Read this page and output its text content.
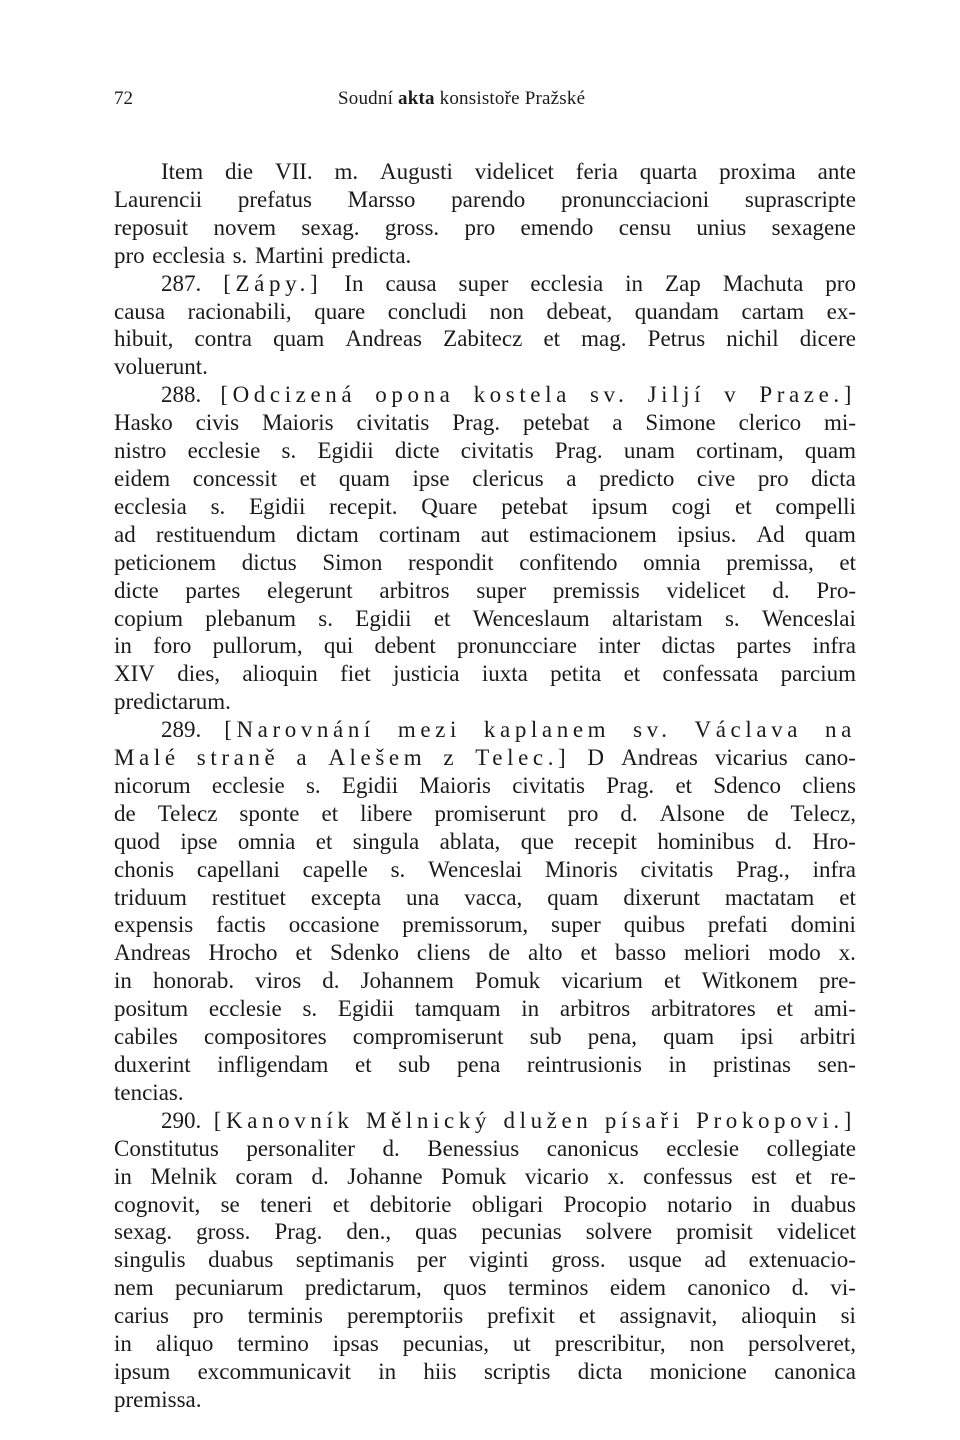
72	Soudní akta konsistoře Pražské
Item die VII. m. Augusti videlicet feria quarta proxima ante
Laurencii prefatus Marsso parendo pronuncciacioni suprascripte
reposuit novem sexag. gross. pro emendo censu unius sexagene
pro ecclesia s. Martini predicta.
287. [Zápy.] In causa super ecclesia in Zap Machuta pro
causa racionabili, quare concludi non debeat, quandam cartam ex-
hibuit, contra quam Andreas Zabitecz et mag. Petrus nichil dicere
voluerunt.
288. [Odcizená opona kostela sv. Jiljí v Praze.]
Hasko civis Maioris civitatis Prag. petebat a Simone clerico mi-
nistro ecclesie s. Egidii dicte civitatis Prag. unam cortinam, quam
eidem concessit et quam ipse clericus a predicto cive pro dicta
ecclesia s. Egidii recepit. Quare petebat ipsum cogi et compelli
ad restituendum dictam cortinam aut estimacionem ipsius. Ad quam
peticionem dictus Simon respondit confitendo omnia premissa, et
dicte partes elegerunt arbitros super premissis videlicet d. Pro-
copium plebanum s. Egidii et Wenceslaum altaristam s. Wenceslai
in foro pullorum, qui debent pronuncciare inter dictas partes infra
XIV dies, alioquin fiet justicia iuxta petita et confessata parcium
predictarum.
289. [Narovnání mezi kaplanem sv. Václava na
Malé straně a Alešem z Telec.] D Andreas vicarius cano-
nicorum ecclesie s. Egidii Maioris civitatis Prag. et Sdenco cliens
de Telecz sponte et libere promiserunt pro d. Alsone de Telecz,
quod ipse omnia et singula ablata, que recepit hominibus d. Hro-
chonis capellani capelle s. Wenceslai Minoris civitatis Prag., infra
triduum restituet excepta una vacca, quam dixerunt mactatam et
expensis factis occasione premissorum, super quibus prefati domini
Andreas Hrocho et Sdenko cliens de alto et basso meliori modo x.
in honorab. viros d. Johannem Pomuk vicarium et Witkonem pre-
positum ecclesie s. Egidii tamquam in arbitros arbitratores et ami-
cabiles compositores compromiserunt sub pena, quam ipsi arbitri
duxerint infligendam et sub pena reintrusionis in pristinas sen-
tencias.
290. [Kanovník Mělnický dlužen písaři Prokopovi.]
Constitutus personaliter d. Benessius canonicus ecclesie collegiate
in Melnik coram d. Johanne Pomuk vicario x. confessus est et re-
cognovit, se teneri et debitorie obligari Procopio notario in duabus
sexag. gross. Prag. den., quas pecunias solvere promisit videlicet
singulis duabus septimanis per viginti gross. usque ad extenuacio-
nem pecuniarum predictarum, quos terminos eidem canonico d. vi-
carius pro terminis peremptoriis prefixit et assignavit, alioquin si
in aliquo termino ipsas pecunias, ut prescribitur, non persolveret,
ipsum excommunicavit in hiis scriptis dicta monicione canonica
premissa.
